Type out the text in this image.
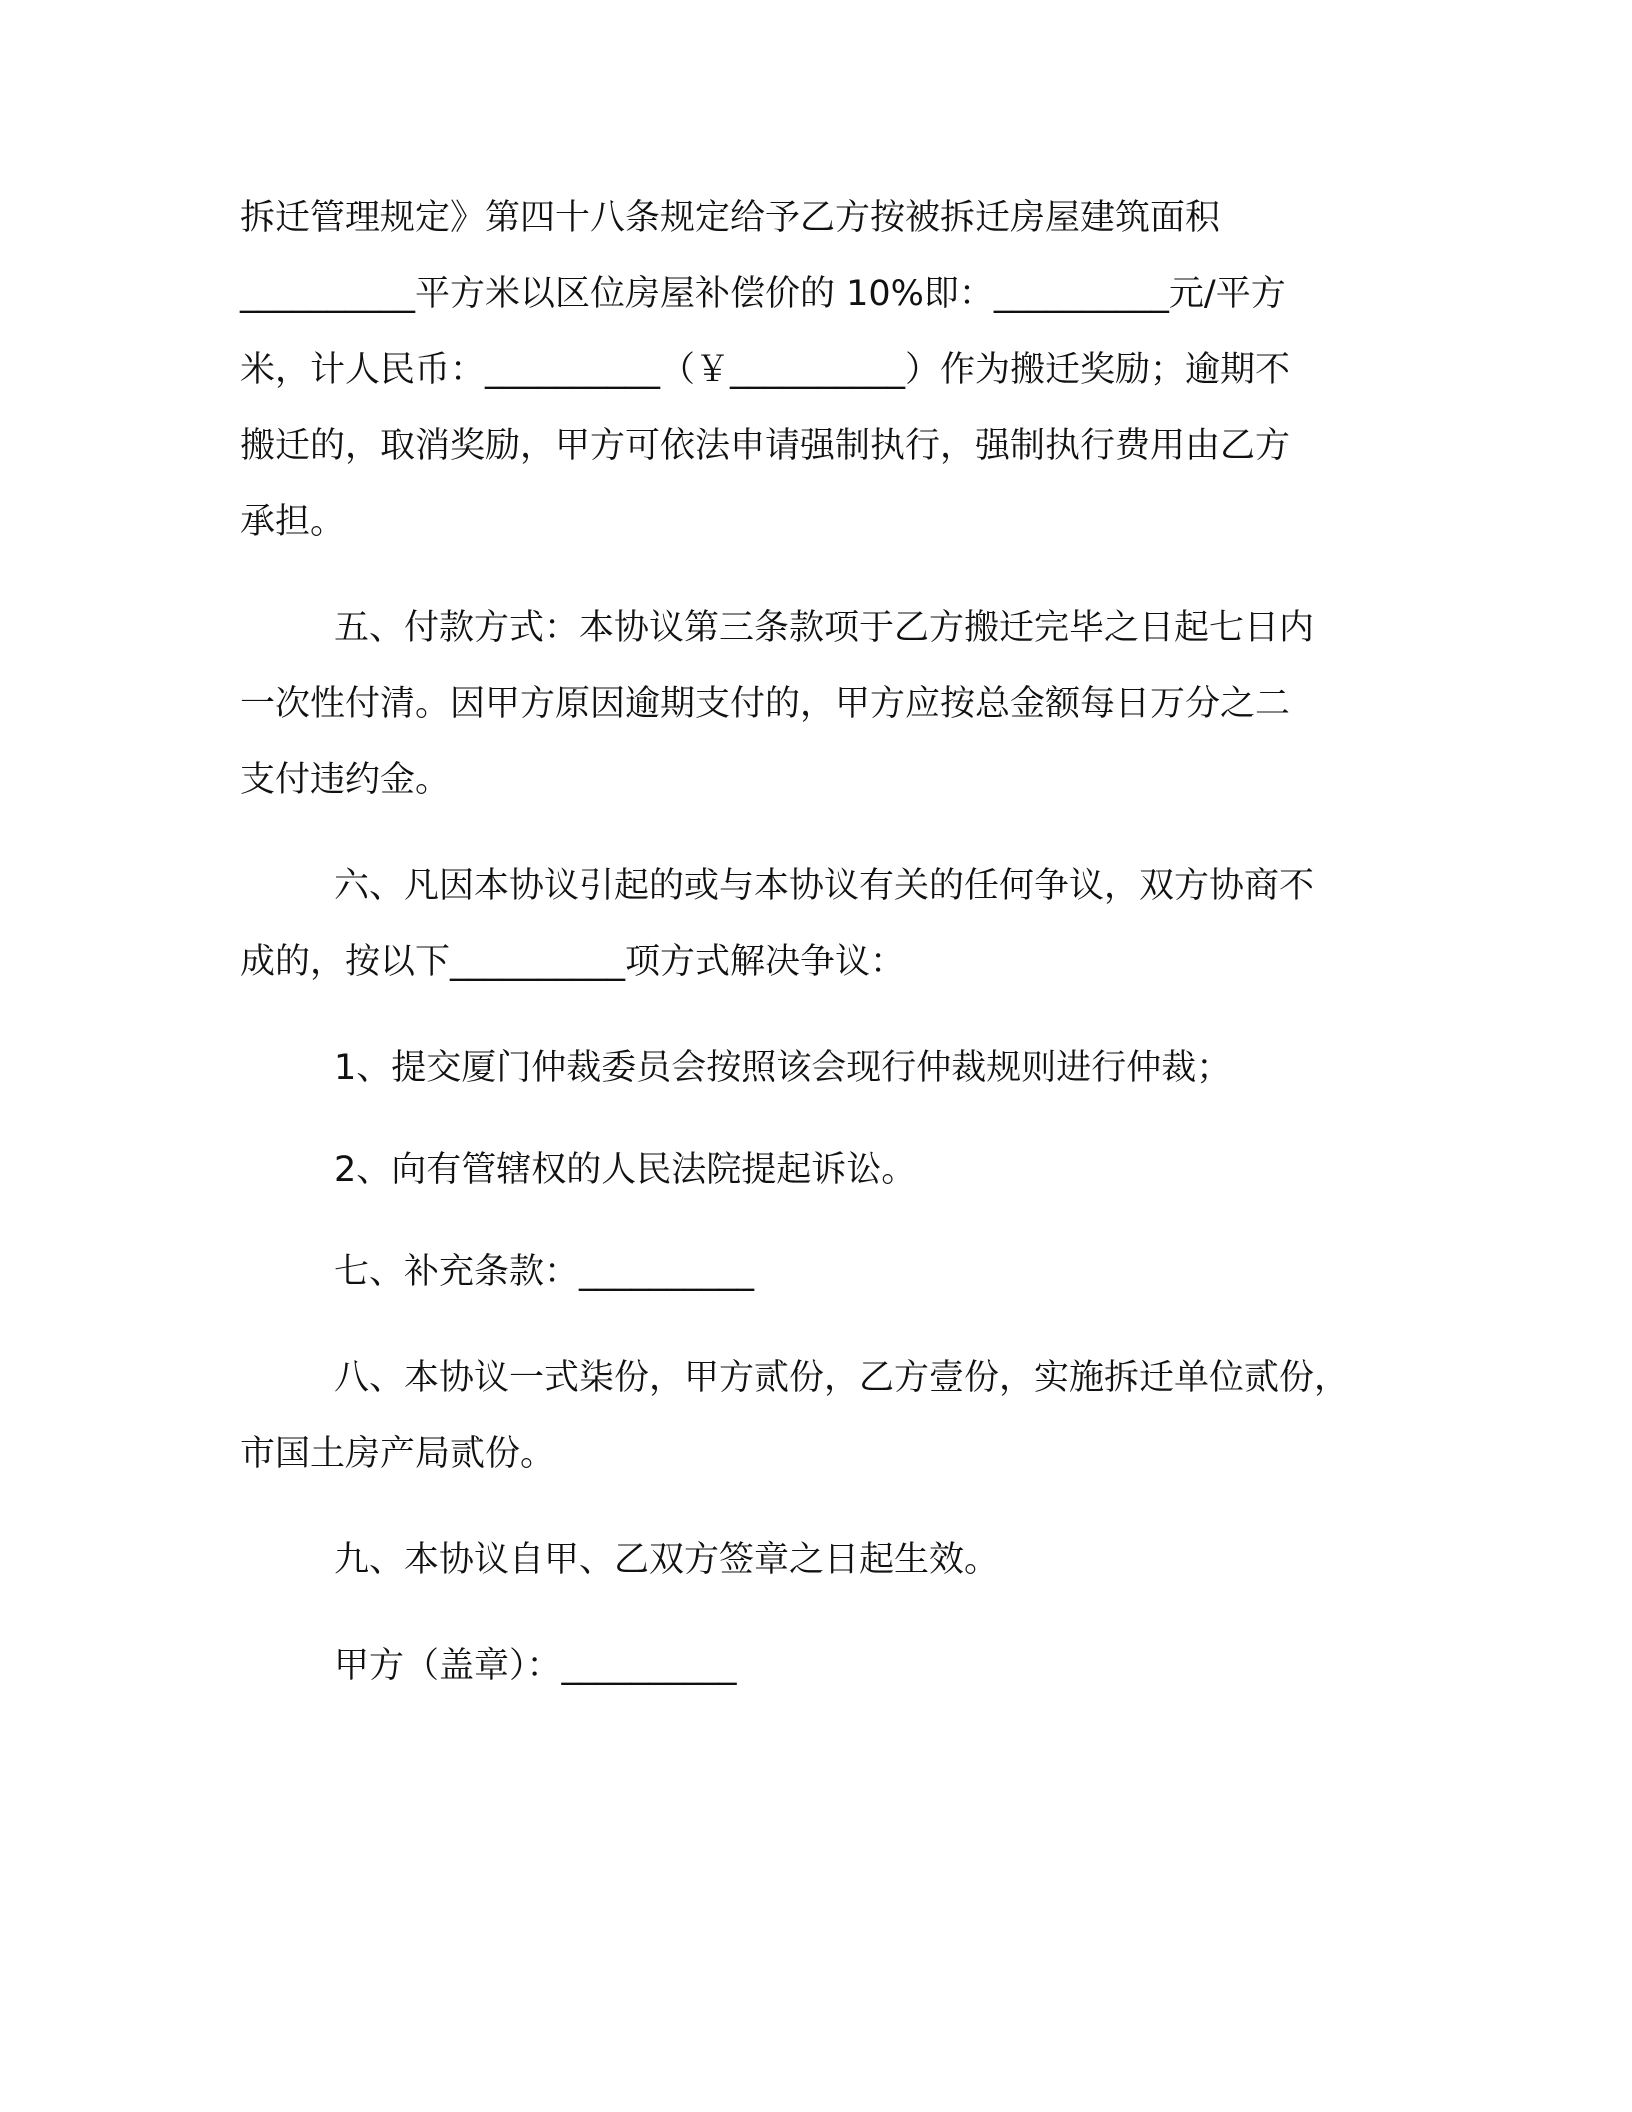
拆迁管理规定》第四十八条规定给予乙方按被拆迁房屋建筑面积
__________平方米以区位房屋补偿价的 10%即：__________元/平方
米，计人民币：__________（￥__________）作为搬迁奖励；逾期不
搬迁的，取消奖励，甲方可依法申请强制执行，强制执行费用由乙方
承担。
五、付款方式：本协议第三条款项于乙方搬迁完毕之日起七日内
一次性付清。因甲方原因逾期支付的，甲方应按总金额每日万分之二
支付违约金。
六、凡因本协议引起的或与本协议有关的任何争议，双方协商不
成的，按以下__________项方式解决争议：
1、提交厦门仲裁委员会按照该会现行仲裁规则进行仲裁；
2、向有管辖权的人民法院提起诉讼。
七、补充条款：__________
八、本协议一式柒份，甲方贰份，乙方壹份，实施拆迁单位贰份，
市国土房产局贰份。
九、本协议自甲、乙双方签章之日起生效。
甲方（盖章）：__________
